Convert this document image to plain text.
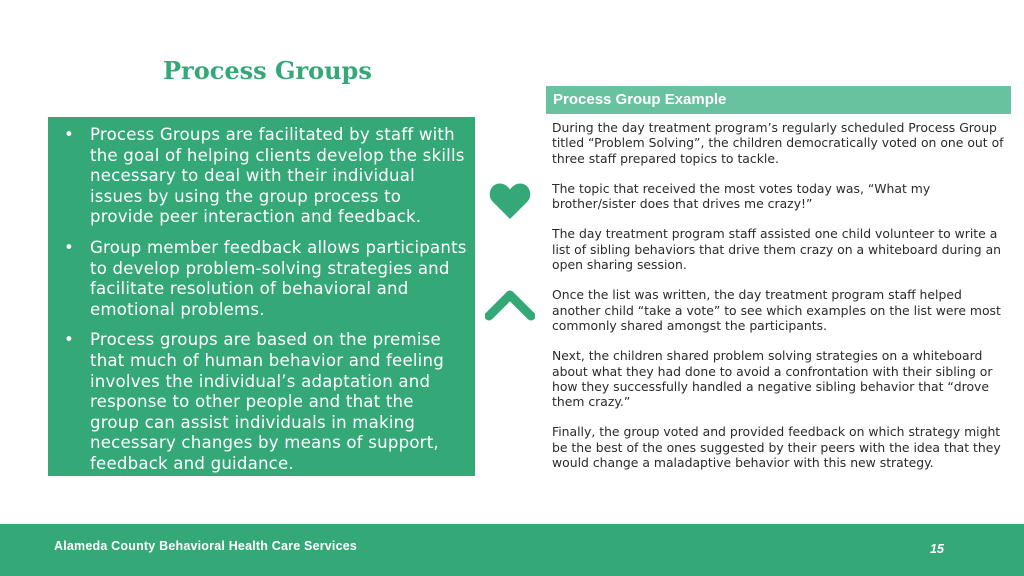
Process Groups
• Process Groups are facilitated by staff with the goal of helping clients develop the skills necessary to deal with their individual issues by using the group process to provide peer interaction and feedback.
• Group member feedback allows participants to develop problem-solving strategies and facilitate resolution of behavioral and emotional problems.
• Process groups are based on the premise that much of human behavior and feeling involves the individual’s adaptation and response to other people and that the group can assist individuals in making necessary changes by means of support, feedback and guidance.
Process Group Example

During the day treatment program’s regularly scheduled Process Group titled “Problem Solving”, the children democratically voted on one out of three staff prepared topics to tackle.

The topic that received the most votes today was, “What my brother/sister does that drives me crazy!”

The day treatment program staff assisted one child volunteer to write a list of sibling behaviors that drive them crazy on a whiteboard during an open sharing session.

Once the list was written, the day treatment program staff helped another child “take a vote” to see which examples on the list were most commonly shared amongst the participants.

Next, the children shared problem solving strategies on a whiteboard about what they had done to avoid a confrontation with their sibling or how they successfully handled a negative sibling behavior that “drove them crazy.”

Finally, the group voted and provided feedback on which strategy might be the best of the ones suggested by their peers with the idea that they would change a maladaptive behavior with this new strategy.

Alameda County Behavioral Health Care Services	15
